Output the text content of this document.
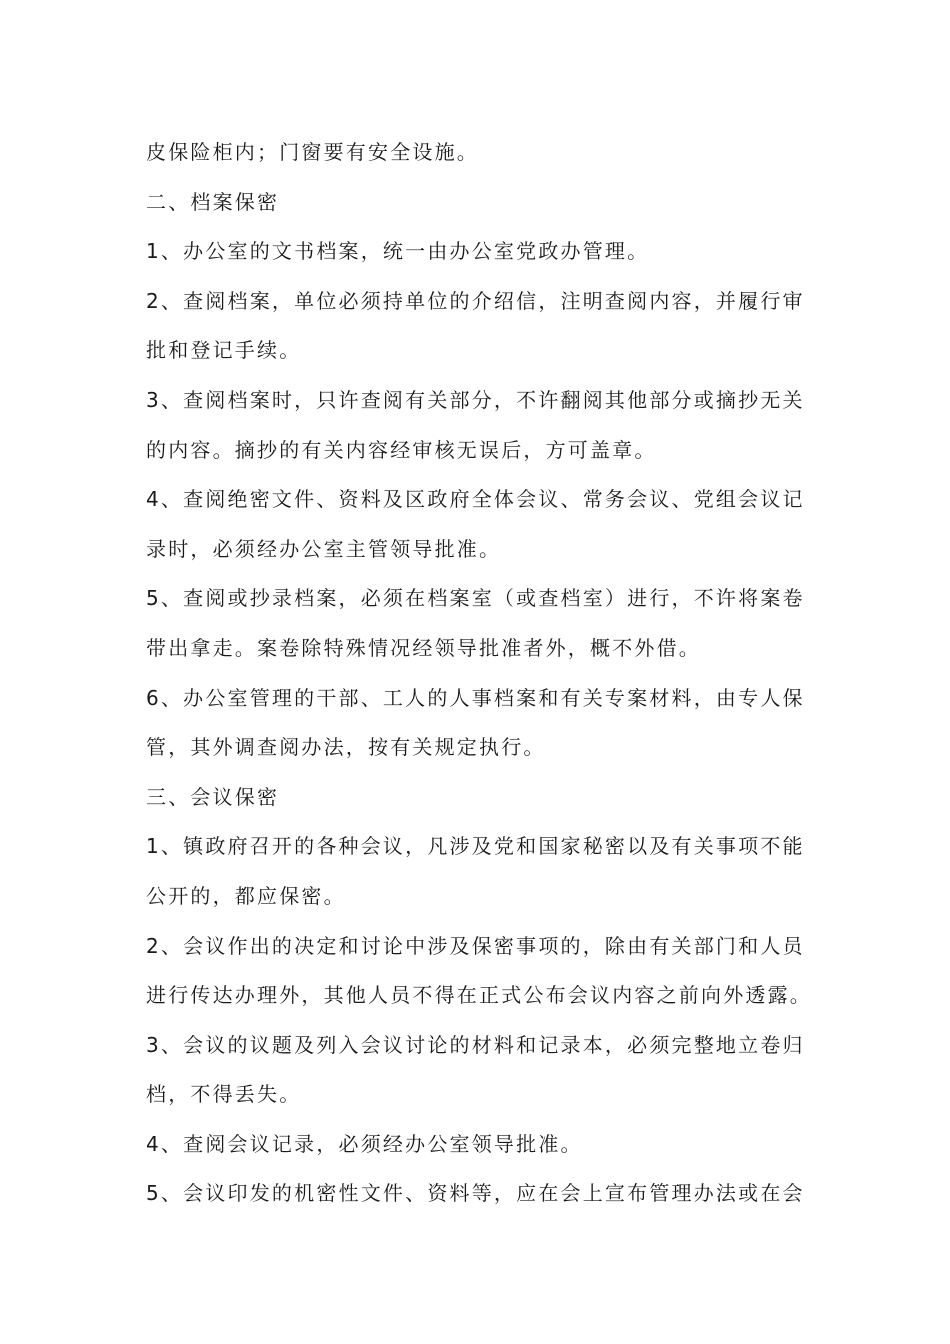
皮保险柜内；门窗要有安全设施。
二、档案保密
1、办公室的文书档案，统一由办公室党政办管理。
2、查阅档案，单位必须持单位的介绍信，注明查阅内容，并履行审
批和登记手续。
3、查阅档案时，只许查阅有关部分，不许翻阅其他部分或摘抄无关
的内容。摘抄的有关内容经审核无误后，方可盖章。
4、查阅绝密文件、资料及区政府全体会议、常务会议、党组会议记
录时，必须经办公室主管领导批准。
5、查阅或抄录档案，必须在档案室（或查档室）进行，不许将案卷
带出拿走。案卷除特殊情况经领导批准者外，概不外借。
6、办公室管理的干部、工人的人事档案和有关专案材料，由专人保
管，其外调查阅办法，按有关规定执行。
三、会议保密
1、镇政府召开的各种会议，凡涉及党和国家秘密以及有关事项不能
公开的，都应保密。
2、会议作出的决定和讨论中涉及保密事项的，除由有关部门和人员
进行传达办理外，其他人员不得在正式公布会议内容之前向外透露。
3、会议的议题及列入会议讨论的材料和记录本，必须完整地立卷归
档，不得丢失。
4、查阅会议记录，必须经办公室领导批准。
5、会议印发的机密性文件、资料等，应在会上宣布管理办法或在会
